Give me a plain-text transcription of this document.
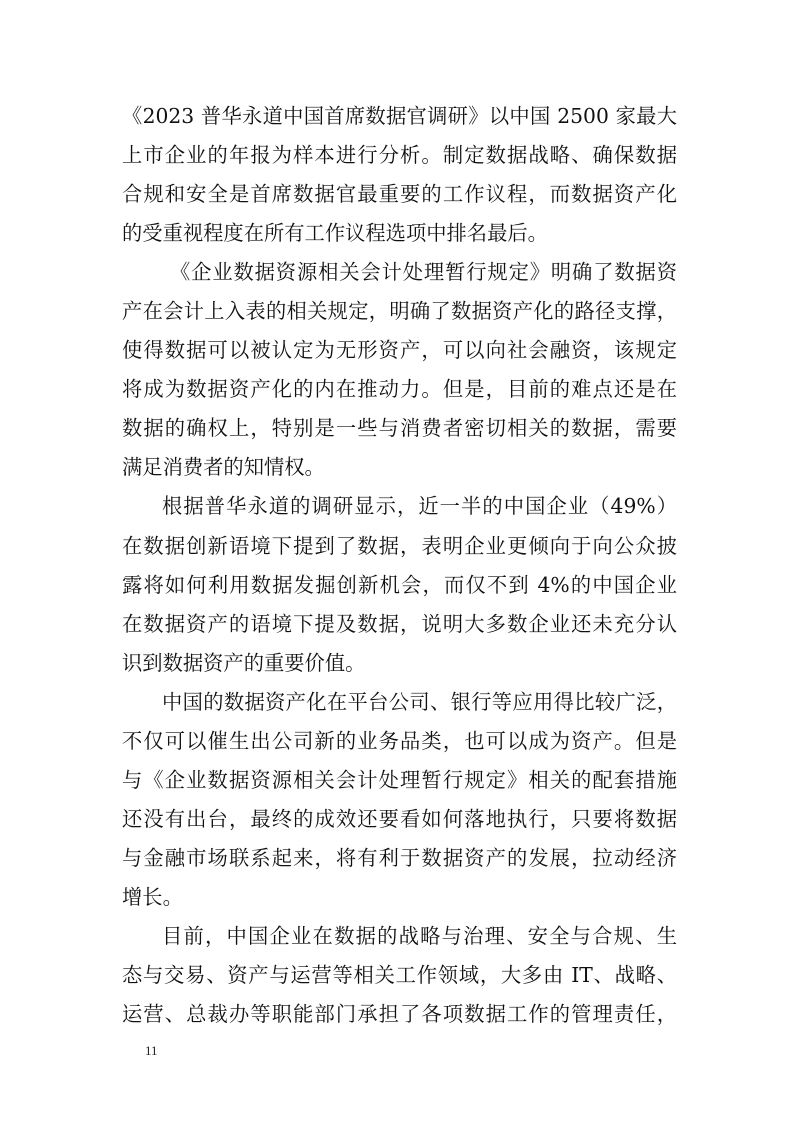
《2023 普华永道中国首席数据官调研》以中国 2500 家最大
上市企业的年报为样本进行分析。制定数据战略、确保数据
合规和安全是首席数据官最重要的工作议程，而数据资产化
的受重视程度在所有工作议程选项中排名最后。
《企业数据资源相关会计处理暂行规定》明确了数据资
产在会计上入表的相关规定，明确了数据资产化的路径支撑，
使得数据可以被认定为无形资产，可以向社会融资，该规定
将成为数据资产化的内在推动力。但是，目前的难点还是在
数据的确权上，特别是一些与消费者密切相关的数据，需要
满足消费者的知情权。
根据普华永道的调研显示，近一半的中国企业（49%）
在数据创新语境下提到了数据，表明企业更倾向于向公众披
露将如何利用数据发掘创新机会，而仅不到 4%的中国企业
在数据资产的语境下提及数据，说明大多数企业还未充分认
识到数据资产的重要价值。
中国的数据资产化在平台公司、银行等应用得比较广泛，
不仅可以催生出公司新的业务品类，也可以成为资产。但是
与《企业数据资源相关会计处理暂行规定》相关的配套措施
还没有出台，最终的成效还要看如何落地执行，只要将数据
与金融市场联系起来，将有利于数据资产的发展，拉动经济
增长。
目前，中国企业在数据的战略与治理、安全与合规、生
态与交易、资产与运营等相关工作领域，大多由 IT、战略、
运营、总裁办等职能部门承担了各项数据工作的管理责任，
11
